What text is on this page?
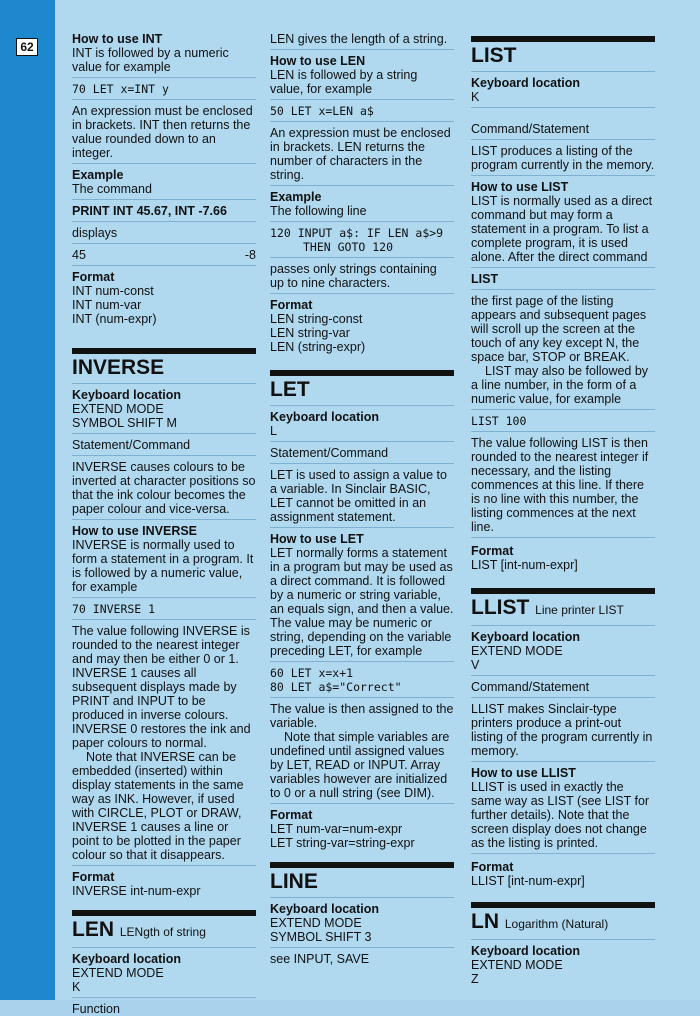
62

How to use INT

INT is followed by a numeric value for example

70 LET x=INT y

An expression must be enclosed in brackets. INT then returns the value rounded down to an integer.

Example

The command

PRINT INT 45.67, INT -7.66

displays

45	-8

Format

INT num-const

INT num-var

INT (num-expr)

INVERSE

Keyboard location

EXTEND MODE

SYMBOL SHIFT M

Statement/Command

INVERSE causes colours to be inverted at character positions so that the ink colour becomes the paper colour and vice-versa.

How to use INVERSE

INVERSE is normally used to form a statement in a program. It is followed by a numeric value, for example

70 INVERSE 1

The value following INVERSE is rounded to the nearest integer and may then be either 0 or 1. INVERSE 1 causes all subsequent displays made by PRINT and INPUT to be produced in inverse colours. INVERSE 0 restores the ink and paper colours to normal.

Note that INVERSE can be embedded (inserted) within display statements in the same way as INK. However, if used with CIRCLE, PLOT or DRAW, INVERSE 1 causes a line or point to be plotted in the paper colour so that it disappears.

Format

INVERSE int-num-expr

LEN LENgth of string

Keyboard location

EXTEND MODE

K

Function

LEN gives the length of a string.

How to use LEN

LEN is followed by a string value, for example

50 LET x=LEN a$

An expression must be enclosed in brackets. LEN returns the number of characters in the string.

Example

The following line

120 INPUT a$: IF LEN a$>9

THEN GOTO 120

passes only strings containing up to nine characters.

Format

LEN string-const

LEN string-var

LEN (string-expr)

LET

Keyboard location

L

Statement/Command

LET is used to assign a value to a variable. In Sinclair BASIC, LET cannot be omitted in an assignment statement.

How to use LET

LET normally forms a statement in a program but may be used as a direct command. It is followed by a numeric or string variable, an equals sign, and then a value. The value may be numeric or string, depending on the variable preceding LET, for example

60 LET x=x+1

80 LET a$="Correct"

The value is then assigned to the variable.

Note that simple variables are undefined until assigned values by LET, READ or INPUT. Array variables however are initialized to 0 or a null string (see DIM).

Format

LET num-var=num-expr

LET string-var=string-expr

LINE

Keyboard location

EXTEND MODE

SYMBOL SHIFT 3

see INPUT, SAVE

LIST

Keyboard location

K

Command/Statement

LIST produces a listing of the program currently in the memory.

How to use LIST

LIST is normally used as a direct command but may form a statement in a program. To list a complete program, it is used alone. After the direct command

LIST

the first page of the listing appears and subsequent pages will scroll up the screen at the touch of any key except N, the space bar, STOP or BREAK.

LIST may also be followed by a line number, in the form of a numeric value, for example

LIST 100

The value following LIST is then rounded to the nearest integer if necessary, and the listing commences at this line. If there is no line with this number, the listing commences at the next line.

Format

LIST [int-num-expr]

LLIST Line printer LIST

Keyboard location

EXTEND MODE

V

Command/Statement

LLIST makes Sinclair-type printers produce a print-out listing of the program currently in memory.

How to use LLIST

LLIST is used in exactly the same way as LIST (see LIST for further details). Note that the screen display does not change as the listing is printed.

Format

LLIST [int-num-expr]

LN Logarithm (Natural)

Keyboard location

EXTEND MODE

Z
